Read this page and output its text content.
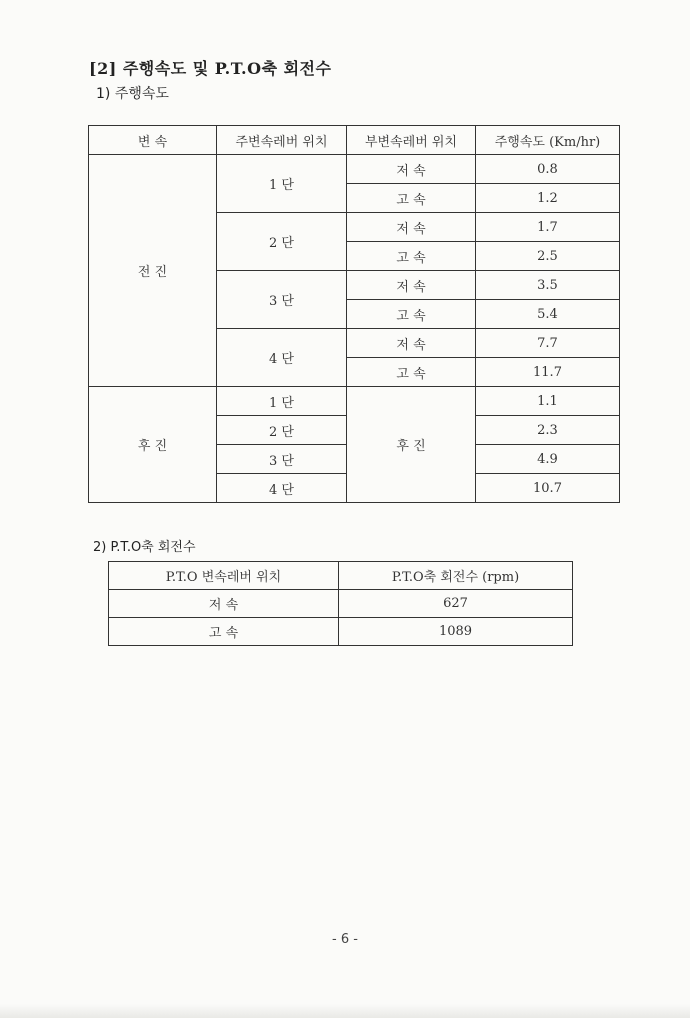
[2] 주행속도 및 P.T.O축 회전수
1) 주행속도
변 속	주변속레버 위치	부변속레버 위치	주행속도 (Km/hr)
전 진	1 단	저 속	0.8
		고 속	1.2
	2 단	저 속	1.7
		고 속	2.5
	3 단	저 속	3.5
		고 속	5.4
	4 단	저 속	7.7
		고 속	11.7
후 진	1 단	후 진	1.1
	2 단		2.3
	3 단		4.9
	4 단		10.7
2) P.T.O축 회전수
P.T.O 변속레버 위치	P.T.O축 회전수 (rpm)
저 속	627
고 속	1089
- 6 -
